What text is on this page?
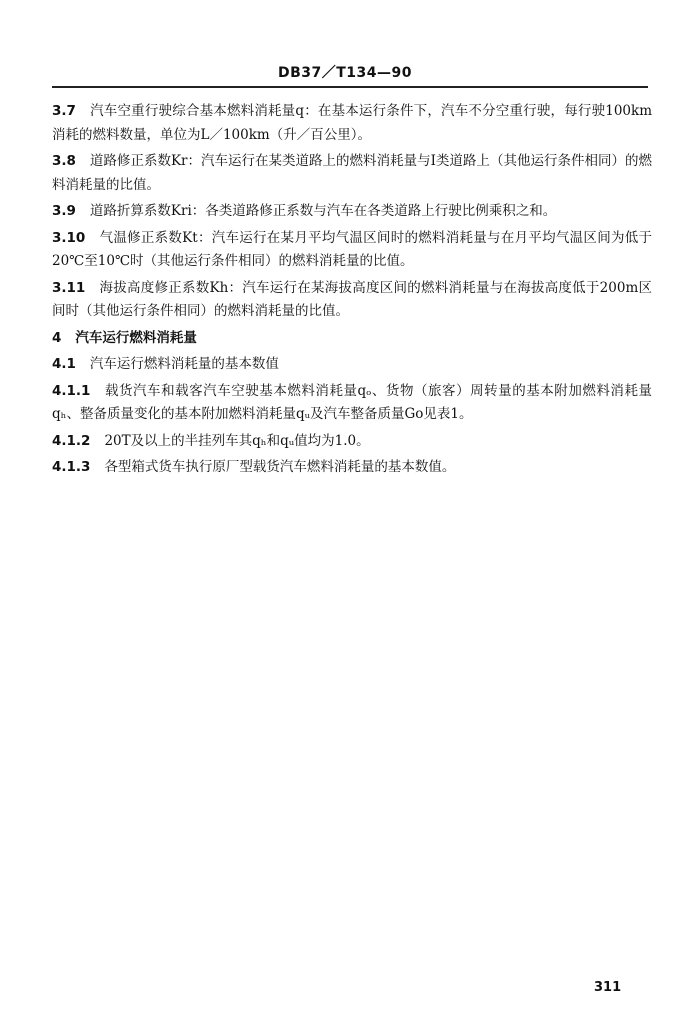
DB37／T134—90

3.7 汽车空重行驶综合基本燃料消耗量q：在基本运行条件下，汽车不分空重行驶，每行驶100km消耗的燃料数量，单位为L／100km（升／百公里）。

3.8 道路修正系数Kr：汽车运行在某类道路上的燃料消耗量与Ⅰ类道路上（其他运行条件相同）的燃料消耗量的比值。

3.9 道路折算系数Kri：各类道路修正系数与汽车在各类道路上行驶比例乘积之和。

3.10 气温修正系数Kt：汽车运行在某月平均气温区间时的燃料消耗量与在月平均气温区间为低于20℃至10℃时（其他运行条件相同）的燃料消耗量的比值。

3.11 海拔高度修正系数Kh：汽车运行在某海拔高度区间的燃料消耗量与在海拔高度低于200m区间时（其他运行条件相同）的燃料消耗量的比值。

4 汽车运行燃料消耗量

4.1 汽车运行燃料消耗量的基本数值

4.1.1 载货汽车和载客汽车空驶基本燃料消耗量qₒ、货物（旅客）周转量的基本附加燃料消耗量qₕ、整备质量变化的基本附加燃料消耗量qᵤ及汽车整备质量Go见表1。

4.1.2 20T及以上的半挂列车其qₕ和qᵤ值均为1.0。

4.1.3 各型箱式货车执行原厂型载货汽车燃料消耗量的基本数值。

311
